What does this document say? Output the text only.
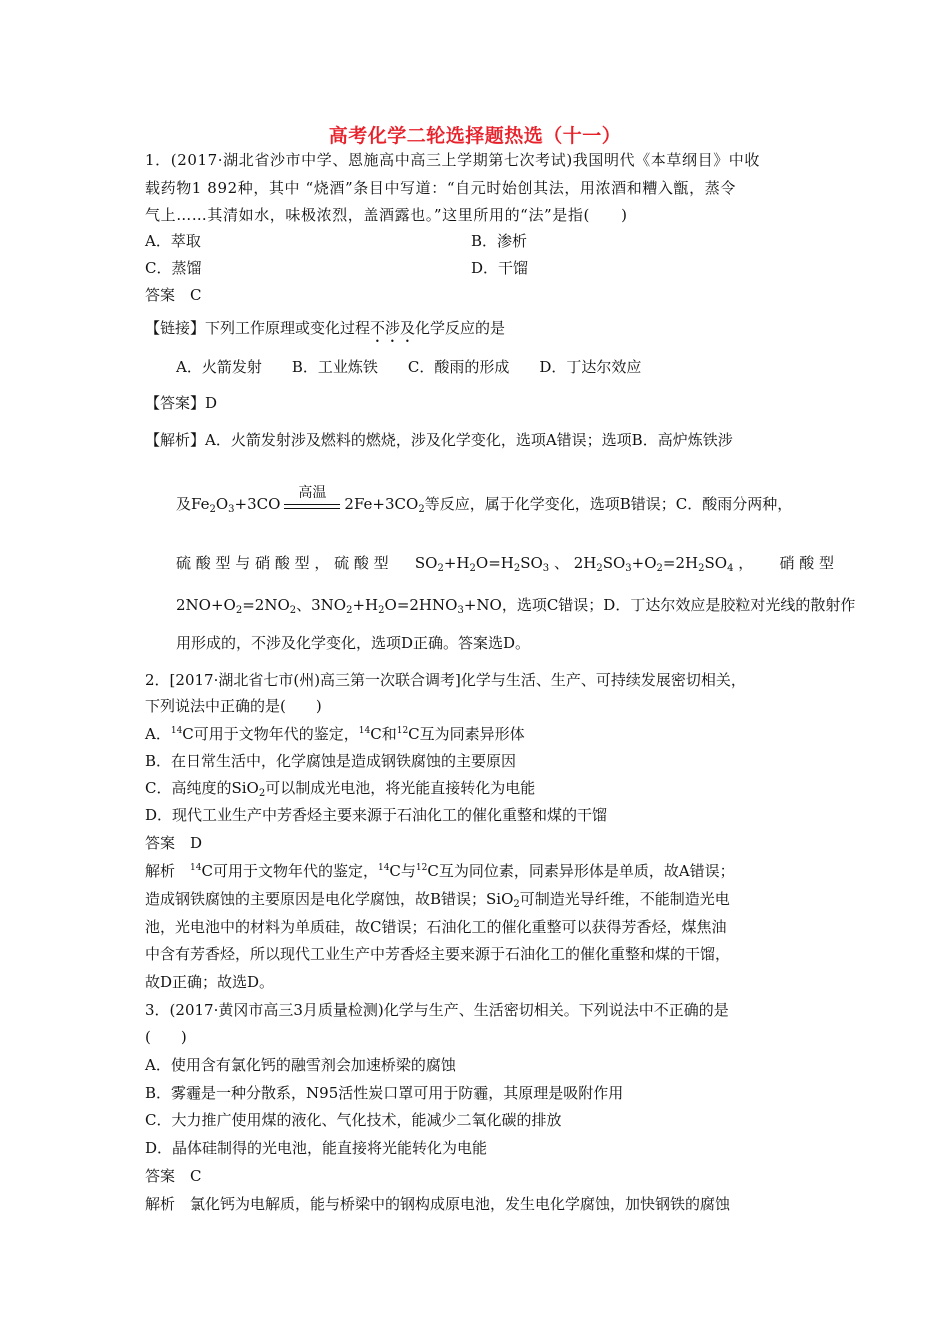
高考化学二轮选择题热选（十一）
1．(2017·湖北省沙市中学、恩施高中高三上学期第七次考试)我国明代《本草纲目》中收
载药物1 892种，其中 “烧酒”条目中写道：“自元时始创其法，用浓酒和糟入甑，蒸令
气上……其清如水，味极浓烈，盖酒露也。”这里所用的“法”是指(　　)
A．萃取	B．渗析
C．蒸馏	D．干馏
答案　C
【链接】下列工作原理或变化过程不涉及化学反应的是
A．火箭发射　　B．工业炼铁　　C．酸雨的形成　　D．丁达尔效应
【答案】D
【解析】A．火箭发射涉及燃料的燃烧，涉及化学变化，选项A错误；选项B．高炉炼铁涉
及$Fe_2O_3+3CO$
高温
$2Fe+3CO_2$等反应，属于化学变化，选项B错误；C．酸雨分两种，
硫 酸 型 与 硝 酸 型 ， 硫 酸 型 $SO_2+H_2O=H_2SO_3$ 、 $2H_2SO_3+O_2=2H_2SO_4$ ， 硝 酸 型
$2NO+O_2=2NO_2$、$3NO_2+H_2O=2HNO_3+NO$，选项C错误；D．丁达尔效应是胶粒对光线的散射作
用形成的，不涉及化学变化，选项D正确。答案选D。
2．[2017·湖北省七市(州)高三第一次联合调考]化学与生活、生产、可持续发展密切相关，
下列说法中正确的是(　　)
A．$^{14}$C可用于文物年代的鉴定，$^{14}$C和$^{12}$C互为同素异形体
B．在日常生活中，化学腐蚀是造成钢铁腐蚀的主要原因
C．高纯度的SiO$_2$可以制成光电池，将光能直接转化为电能
D．现代工业生产中芳香烃主要来源于石油化工的催化重整和煤的干馏
答案　D
解析　 $^{14}$C可用于文物年代的鉴定，$^{14}$C与$^{12}$C互为同位素，同素异形体是单质，故A错误；
造成钢铁腐蚀的主要原因是电化学腐蚀，故B错误；SiO$_2$可制造光导纤维，不能制造光电
池，光电池中的材料为单质硅，故C错误；石油化工的催化重整可以获得芳香烃，煤焦油
中含有芳香烃，所以现代工业生产中芳香烃主要来源于石油化工的催化重整和煤的干馏，
故D正确；故选D。
3．(2017·黄冈市高三3月质量检测)化学与生产、生活密切相关。下列说法中不正确的是
(　　)
A．使用含有氯化钙的融雪剂会加速桥梁的腐蚀
B．雾霾是一种分散系，N95活性炭口罩可用于防霾，其原理是吸附作用
C．大力推广使用煤的液化、气化技术，能减少二氧化碳的排放
D．晶体硅制得的光电池，能直接将光能转化为电能
答案　C
解析　氯化钙为电解质，能与桥梁中的钢构成原电池，发生电化学腐蚀，加快钢铁的腐蚀
